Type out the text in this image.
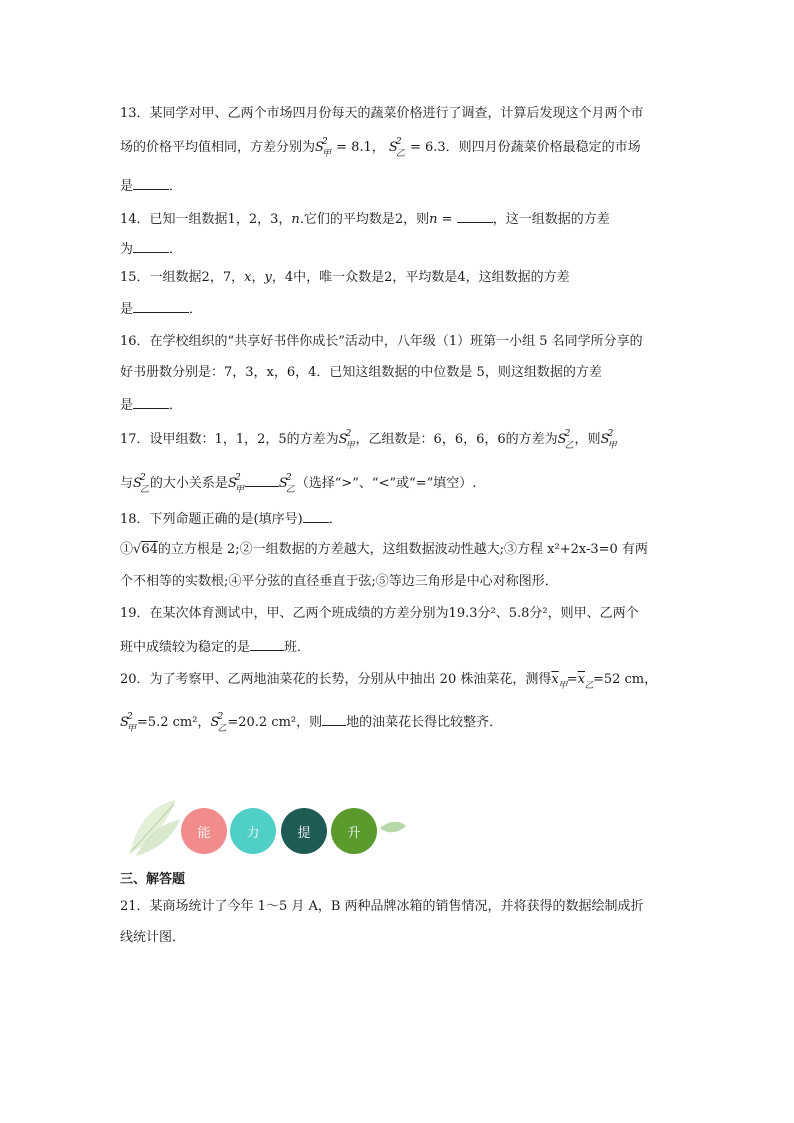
13．某同学对甲、乙两个市场四月份每天的蔬菜价格进行了调查，计算后发现这个月两个市
场的价格平均值相同，方差分别为S
2
甲 = 8.1， S
2
乙 = 6.3．则四月份蔬菜价格最稳定的市场
是	．
14．已知一组数据1，2，3，n.它们的平均数是2，则n =	，这一组数据的方差
为	．
15．一组数据2，7，x，y，4中，唯一众数是2，平均数是4，这组数据的方差
是	．
16．在学校组织的“共享好书伴你成长”活动中，八年级（1）班第一小组 5 名同学所分享的
好书册数分别是：7，3，x，6，4．已知这组数据的中位数是 5，则这组数据的方差
是	．
17．设甲组数：1，1，2，5的方差为S
2
甲 ，乙组数是：6，6，6，6的方差为S
2
乙 ，则S
2
甲
与S
2
乙 的大小关系是S
2
甲	S
2
乙 （选择“>”、“<”或“=”填空）.
18．下列命题正确的是(填序号) ．
①√64的立方根是 2;②一组数据的方差越大，这组数据波动性越大;③方程 x²+2x-3=0 有两
个不相等的实数根;④平分弦的直径垂直于弦;⑤等边三角形是中心对称图形．
19．在某次体育测试中，甲、乙两个班成绩的方差分别为19.3分²、5.8分²，则甲、乙两个
班中成绩较为稳定的是	班．
20．为了考察甲、乙两地油菜花的长势，分别从中抽出 20 株油菜花，测得$\overline{x}$ 甲 $=\overline{x}$ 乙 =52 cm，
S
2
甲 =5.2 cm²，S
2
乙 =20.2 cm²，则 地的油菜花长得比较整齐．
能	力	提	升
三、解答题
21．某商场统计了今年 1～5 月 A，B 两种品牌冰箱的销售情况，并将获得的数据绘制成折
线统计图．
